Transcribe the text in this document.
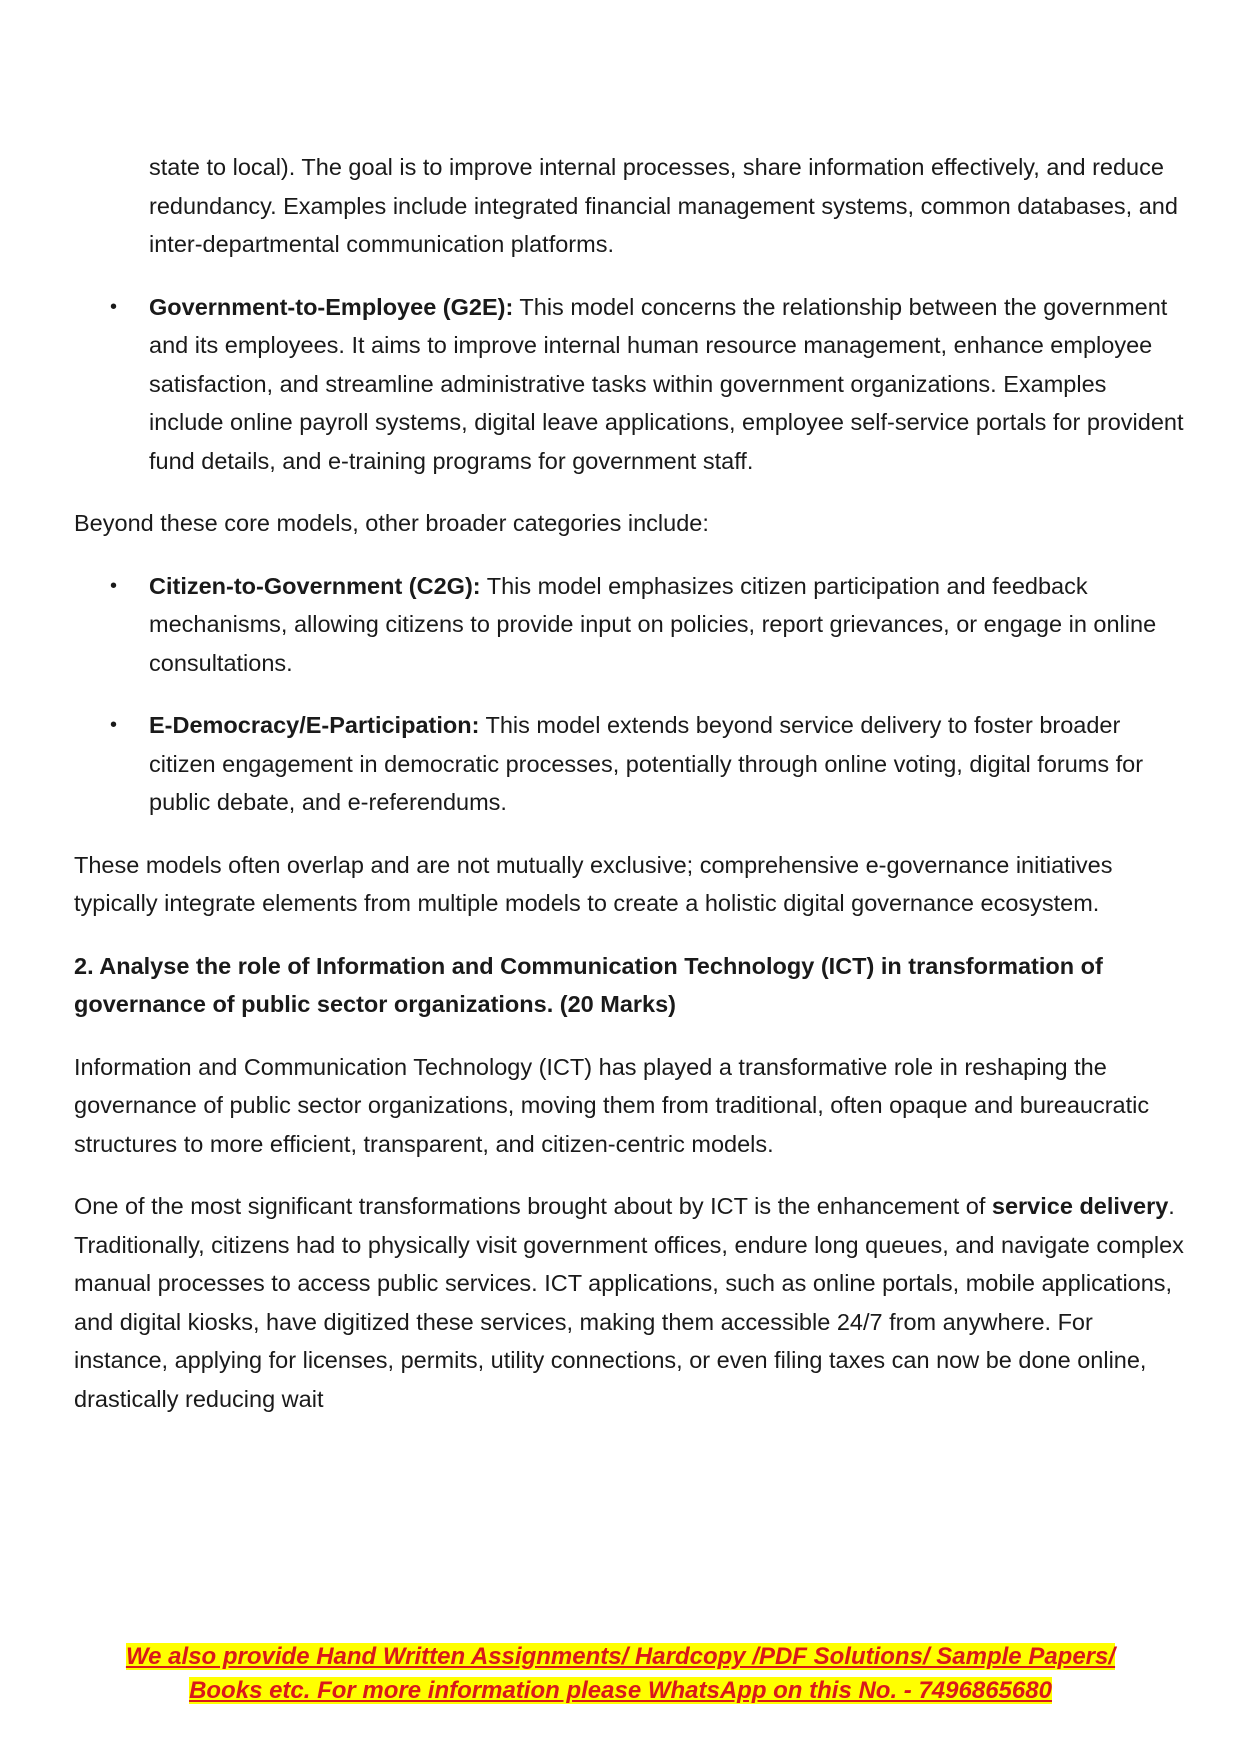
state to local). The goal is to improve internal processes, share information effectively, and reduce redundancy. Examples include integrated financial management systems, common databases, and inter-departmental communication platforms.

• Government-to-Employee (G2E): This model concerns the relationship between the government and its employees. It aims to improve internal human resource management, enhance employee satisfaction, and streamline administrative tasks within government organizations. Examples include online payroll systems, digital leave applications, employee self-service portals for provident fund details, and e-training programs for government staff.

Beyond these core models, other broader categories include:

• Citizen-to-Government (C2G): This model emphasizes citizen participation and feedback mechanisms, allowing citizens to provide input on policies, report grievances, or engage in online consultations.
• E-Democracy/E-Participation: This model extends beyond service delivery to foster broader citizen engagement in democratic processes, potentially through online voting, digital forums for public debate, and e-referendums.

These models often overlap and are not mutually exclusive; comprehensive e-governance initiatives typically integrate elements from multiple models to create a holistic digital governance ecosystem.

2. Analyse the role of Information and Communication Technology (ICT) in transformation of governance of public sector organizations. (20 Marks)

Information and Communication Technology (ICT) has played a transformative role in reshaping the governance of public sector organizations, moving them from traditional, often opaque and bureaucratic structures to more efficient, transparent, and citizen-centric models.

One of the most significant transformations brought about by ICT is the enhancement of service delivery. Traditionally, citizens had to physically visit government offices, endure long queues, and navigate complex manual processes to access public services. ICT applications, such as online portals, mobile applications, and digital kiosks, have digitized these services, making them accessible 24/7 from anywhere. For instance, applying for licenses, permits, utility connections, or even filing taxes can now be done online, drastically reducing wait

We also provide Hand Written Assignments/ Hardcopy /PDF Solutions/ Sample Papers/
Books etc. For more information please WhatsApp on this No. - 7496865680
